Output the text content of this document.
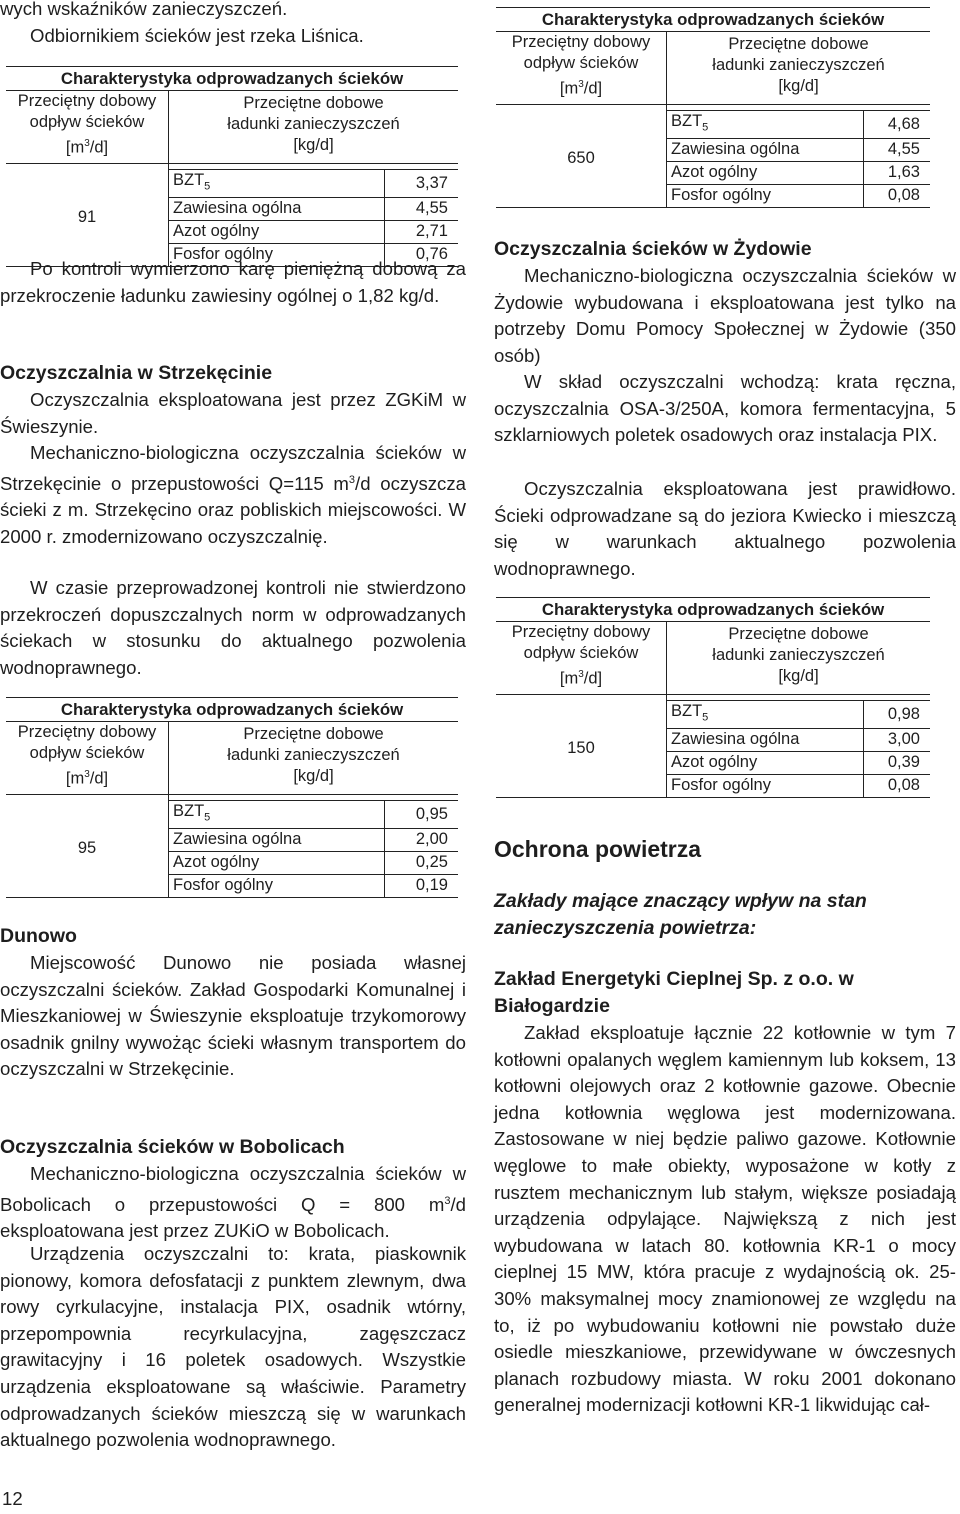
wych wskaźników zanieczyszczeń.
Odbiornikiem ścieków jest rzeka Liśnica.

Charakterystyka odprowadzanych ścieków		
Przeciętny dobowy
odpływ ścieków
$[m^3/d]$	Przeciętne dobowe
ładunki zanieczyszczeń
[kg/d]	

91	$BZT_5$	3,37
	Zawiesina ogólna	4,55
	Azot ogólny	2,71
	Fosfor ogólny	0,76

Po kontroli wymierzono karę pieniężną dobową za przekroczenie ładunku zawiesiny ogólnej o 1,82 kg/d.

Oczyszczalnia w Strzekęcinie

Oczyszczalnia eksploatowana jest przez ZGKiM w Świeszynie.

Mechaniczno-biologiczna oczyszczalnia ścieków w Strzekęcinie o przepustowości Q=115 $m^3/d$ oczyszcza ścieki z m. Strzekęcino oraz pobliskich miejscowości. W 2000 r. zmodernizowano oczyszczalnię.

W czasie przeprowadzonej kontroli nie stwierdzono przekroczeń dopuszczalnych norm w odprowadzanych ściekach w stosunku do aktualnego pozwolenia wodnoprawnego.

Charakterystyka odprowadzanych ścieków		
Przeciętny dobowy
odpływ ścieków
$[m^3/d]$	Przeciętne dobowe
ładunki zanieczyszczeń
[kg/d]	

95	$BZT_5$	0,95
	Zawiesina ogólna	2,00
	Azot ogólny	0,25
	Fosfor ogólny	0,19

Dunowo

Miejscowość Dunowo nie posiada własnej oczyszczalni ścieków. Zakład Gospodarki Komunalnej i Mieszkaniowej w Świeszynie eksploatuje trzykomorowy osadnik gnilny wywożąc ścieki własnym transportem do oczyszczalni w Strzekęcinie.

Oczyszczalnia ścieków w Bobolicach

Mechaniczno-biologiczna oczyszczalnia ścieków w Bobolicach o przepustowości Q = 800 $m^3/d$ eksploatowana jest przez ZUKiO w Bobolicach.

Urządzenia oczyszczalni to: krata, piaskownik pionowy, komora defosfatacji z punktem zlewnym, dwa rowy cyrkulacyjne, instalacja PIX, osadnik wtórny, przepompownia recyrkulacyjna, zagęszczacz grawitacyjny i 16 poletek osadowych. Wszystkie urządzenia eksploatowane są właściwie. Parametry odprowadzanych ścieków mieszczą się w warunkach aktualnego pozwolenia wodnoprawnego.

12
Charakterystyka odprowadzanych ścieków		
Przeciętny dobowy
odpływ ścieków
$[m^3/d]$	Przeciętne dobowe
ładunki zanieczyszczeń
[kg/d]	

650	$BZT_5$	4,68
	Zawiesina ogólna	4,55
	Azot ogólny	1,63
	Fosfor ogólny	0,08

Oczyszczalnia ścieków w Żydowie

Mechaniczno-biologiczna oczyszczalnia ścieków w Żydowie wybudowana i eksploatowana jest tylko na potrzeby Domu Pomocy Społecznej w Żydowie (350 osób)

W skład oczyszczalni wchodzą: krata ręczna, oczyszczalnia OSA-3/250A, komora fermentacyjna, 5 szklarniowych poletek osadowych oraz instalacja PIX.

Oczyszczalnia eksploatowana jest prawidłowo. Ścieki odprowadzane są do jeziora Kwiecko i mieszczą się w warunkach aktualnego pozwolenia wodnoprawnego.

Charakterystyka odprowadzanych ścieków		
Przeciętny dobowy
odpływ ścieków
$[m^3/d]$	Przeciętne dobowe
ładunki zanieczyszczeń
[kg/d]	

150	$BZT_5$	0,98
	Zawiesina ogólna	3,00
	Azot ogólny	0,39
	Fosfor ogólny	0,08

Ochrona powietrza

Zakłady mające znaczący wpływ na stan zanieczyszczenia powietrza:

Zakład Energetyki Cieplnej Sp. z o.o. w Białogardzie

Zakład eksploatuje łącznie 22 kotłownie w tym 7 kotłowni opalanych węglem kamiennym lub koksem, 13 kotłowni olejowych oraz 2 kotłownie gazowe. Obecnie jedna kotłownia węglowa jest modernizowana. Zastosowane w niej będzie paliwo gazowe. Kotłownie węglowe to małe obiekty, wyposażone w kotły z rusztem mechanicznym lub stałym, większe posiadają urządzenia odpylające. Największą z nich jest wybudowana w latach 80. kotłownia KR-1 o mocy cieplnej 15 MW, która pracuje z wydajnością ok. 25-30% maksymalnej mocy znamionowej ze względu na to, iż po wybudowaniu kotłowni nie powstało duże osiedle mieszkaniowe, przewidywane w ówczesnych planach rozbudowy miasta. W roku 2001 dokonano generalnej modernizacji kotłowni KR-1 likwidując cał-
